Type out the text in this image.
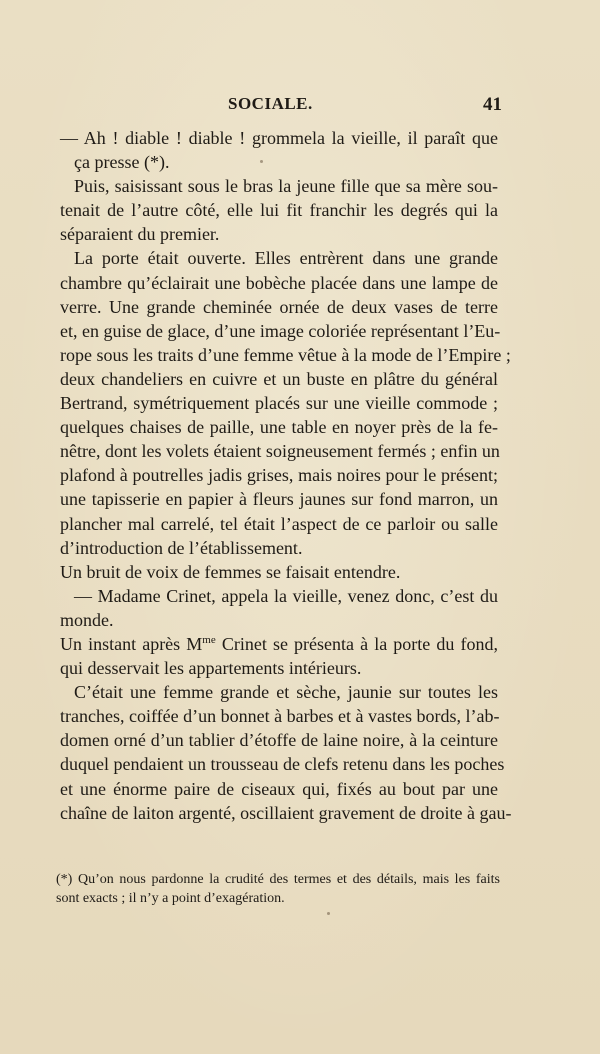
SOCIALE.	41
— Ah ! diable ! diable ! grommela la vieille, il paraît que
ça presse (*).
Puis, saisissant sous le bras la jeune fille que sa mère sou-
tenait de l’autre côté, elle lui fit franchir les degrés qui la
séparaient du premier.
La porte était ouverte. Elles entrèrent dans une grande
chambre qu’éclairait une bobèche placée dans une lampe de
verre. Une grande cheminée ornée de deux vases de terre
et, en guise de glace, d’une image coloriée représentant l’Eu-
rope sous les traits d’une femme vêtue à la mode de l’Empire ;
deux chandeliers en cuivre et un buste en plâtre du général
Bertrand, symétriquement placés sur une vieille commode ;
quelques chaises de paille, une table en noyer près de la fe-
nêtre, dont les volets étaient soigneusement fermés ; enfin un
plafond à poutrelles jadis grises, mais noires pour le présent;
une tapisserie en papier à fleurs jaunes sur fond marron, un
plancher mal carrelé, tel était l’aspect de ce parloir ou salle
d’introduction de l’établissement.
Un bruit de voix de femmes se faisait entendre.
— Madame Crinet, appela la vieille, venez donc, c’est du
monde.
Un instant après $M^{me}$ Crinet se présenta à la porte du fond,
qui desservait les appartements intérieurs.
C’était une femme grande et sèche, jaunie sur toutes les
tranches, coiffée d’un bonnet à barbes et à vastes bords, l’ab-
domen orné d’un tablier d’étoffe de laine noire, à la ceinture
duquel pendaient un trousseau de clefs retenu dans les poches
et une énorme paire de ciseaux qui, fixés au bout par une
chaîne de laiton argenté, oscillaient gravement de droite à gau-
(*) Qu’on nous pardonne la crudité des termes et des détails, mais les faits
sont exacts ; il n’y a point d’exagération.
